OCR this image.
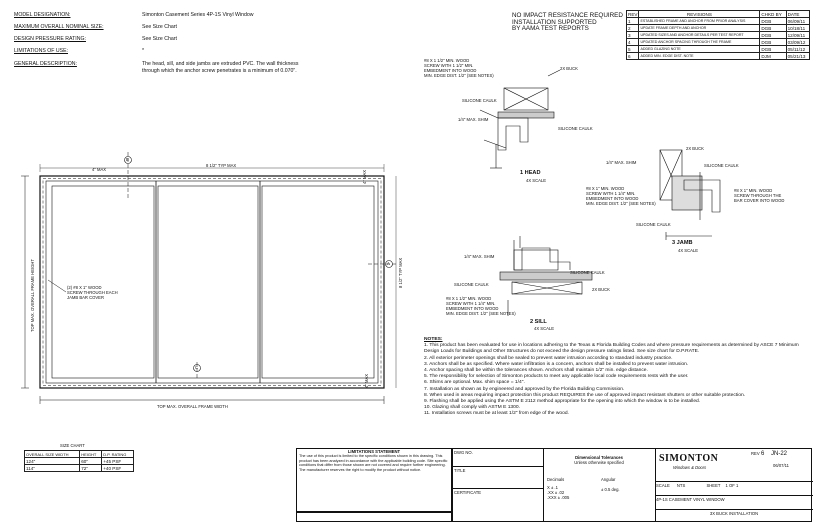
MODEL DESIGNATION:	Simonton Casement Series 4P-1S Vinyl Window
MAXIMUM OVERALL NOMINAL SIZE:	See Size Chart
DESIGN PRESSURE RATING:	See Size Chart
LIMITATIONS OF USE:	*
GENERAL DESCRIPTION:	The head, sill, and side jambs are extruded PVC. The wall thickness
through which the anchor screw penetrates is a minimum of 0.070".
NO IMPACT RESISTANCE REQUIRED
INSTALLATION SUPPORTED
BY AAMA TEST REPORTS
REV	REVISIONS	CHKD BY	DATE
1	ESTABLISHED FRAME AND ANCHOR FROM PRIOR ANALYSIS	DGB	06/09/11
2	UPDATE FRAME DEPTH AND ANCHOR	DGB	10/18/11
3	UPDATED SIZES AND ANCHOR DETAILS PER TEST REPORT	DGB	12/09/11
4	UPDATED ANCHOR SPACING THROUGH THE FRAME	DGB	03/09/12
5	ADDED GLAZING NOTE	DGB	05/11/12
6	ADDED MIN. EDGE DIST. NOTE	DJM	05/21/13
4" MAX
8 1/2" TYP MAX
4" MAX
8 1/2" TYP MAX
4" MAX
TOP MAX. OVERALL FRAME WIDTH
TOP MAX. OVERALL FRAME HEIGHT	(2) #8 X 1" WOOD
SCREW THROUGH EACH
JAMB BAR COVER
B
C
A
#8 X 1 1/2" MIN. WOOD
SCREW WITH 1 1/2" MIN.
EMBEDMENT INTO WOOD
MIN. EDGE DIST. 1/2" (SEE NOTES)
2X BUCK
SILICONE CAULK
SILICONE CAULK
1/4" MAX. SHIM
1 HEAD
4X SCALE
2X BUCK
SILICONE CAULK
SILICONE CAULK
1/4" MAX. SHIM
#8 X 1" MIN. WOOD
SCREW WITH 1 1/4" MIN.
EMBEDMENT INTO WOOD
MIN. EDGE DIST. 1/2" (SEE NOTES)
#8 X 1" MIN. WOOD
SCREW THROUGH THE
BAR COVER INTO WOOD
3 JAMB
4X SCALE
1/4" MAX. SHIM
SILICONE CAULK
SILICONE CAULK
2X BUCK
#8 X 1 1/2" MIN. WOOD
SCREW WITH 1 1/4" MIN.
EMBEDMENT INTO WOOD
MIN. EDGE DIST. 1/2" (SEE NOTES)
2 SILL
4X SCALE

NOTES:

1. This product has been evaluated for use in locations adhering to the Texas & Florida Building Codes and where pressure requirements as determined by ASCE 7 Minimum Design Loads for Buildings and Other Structures do not exceed the design pressure ratings listed. See size chart for D.P.RATE.

2. All exterior perimeter openings shall be sealed to prevent water intrusion according to standard industry practice.

3. Anchors shall be as specified. Where water infiltration is a concern, anchors shall be installed to prevent water intrusion.

4. Anchor spacing shall be within the tolerances shown. Anchors shall maintain 1/2" min. edge distance.

5. The responsibility for selection of Simonton products to meet any applicable local code requirements rests with the user.

6. Shims are optional. Max. shim space = 1/4".

7. Installation as shown as by engineered and approved by the Florida Building Commission.

8. When used in areas requiring impact protection this product REQUIRES the use of approved impact resistant shutters or other suitable protection.

9. Flashing shall be applied using the ASTM E 2112 method appropriate for the opening into which the window is to be installed.

10. Glazing shall comply with ASTM E 1300.

11. Installation screws must be at least 1/2" from edge of the wood.

SIZE CHART
OVERALL SIZE WIDTH	HEIGHT	D.P. RATING
124"	60"	+45 PSF
114"	72"	+40 PSF
LIMITATIONS STATEMENT
The use of this product is limited to the specific conditions shown in this drawing. This product has been analyzed in accordance with the applicable building code. Site specific conditions that differ from those shown are not covered and require further engineering. The manufacturer reserves the right to modify the product without notice.
DWG NO.
TITLE
CERTIFICATE
Dimensional Tolerances
Unless otherwise specified
Decimals
X ± .1
.XX ± .02
.XXX ± .005
Angular
± 0.5 deg.
SIMONTON
Windows & Doors
REV 6 JN-22
06/07/11
SCALE NTS	SHEET 1 OF 1
4P-1S CASEMENT VINYL WINDOW
3X BUCK INSTALLATION
